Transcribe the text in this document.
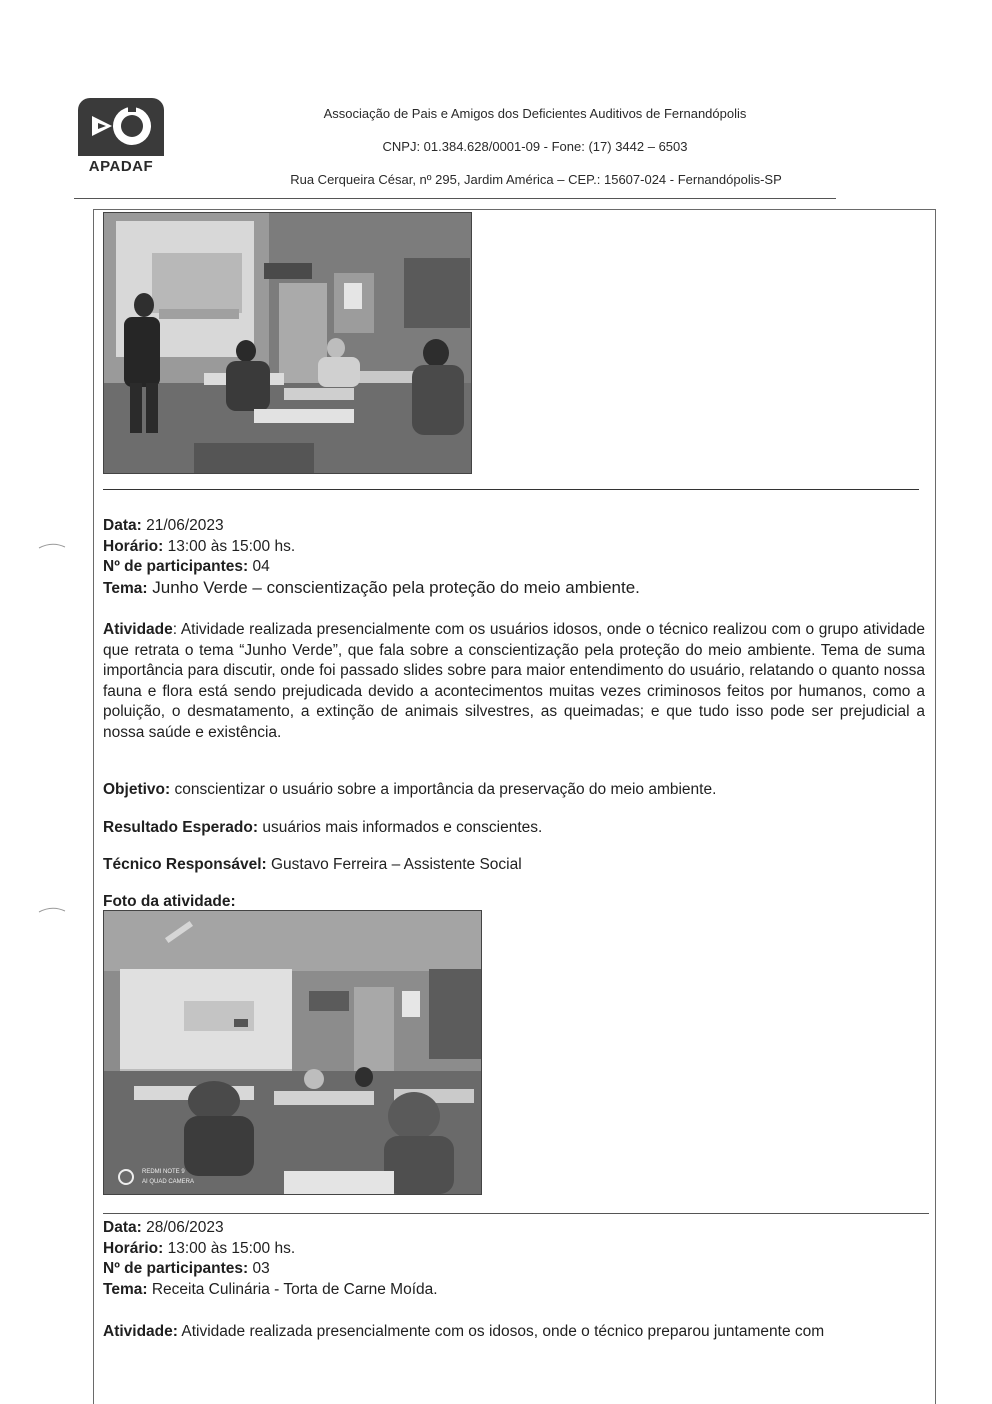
APADAF
Associação de Pais e Amigos dos Deficientes Auditivos de Fernandópolis
CNPJ: 01.384.628/0001-09 - Fone: (17) 3442 – 6503
Rua Cerqueira César, nº 295, Jardim América – CEP.: 15607-024 - Fernandópolis-SP
Data: 21/06/2023
Horário: 13:00 às 15:00 hs.
Nº de participantes: 04
Tema: Junho Verde – conscientização pela proteção do meio ambiente.
Atividade: Atividade realizada presencialmente com os usuários idosos, onde o técnico realizou com o grupo atividade que retrata o tema “Junho Verde”, que fala sobre a conscientização pela proteção do meio ambiente. Tema de suma importância para discutir, onde foi passado slides sobre para maior entendimento do usuário, relatando o quanto nossa fauna e flora está sendo prejudicada devido a acontecimentos muitas vezes criminosos feitos por humanos, como a poluição, o desmatamento, a extinção de animais silvestres, as queimadas; e que tudo isso pode ser prejudicial a nossa saúde e existência.
Objetivo: conscientizar o usuário sobre a importância da preservação do meio ambiente.
Resultado Esperado: usuários mais informados e conscientes.
Técnico Responsável: Gustavo Ferreira – Assistente Social
Foto da atividade:
REDMI NOTE 9
AI QUAD CAMERA
Data: 28/06/2023
Horário: 13:00 às 15:00 hs.
Nº de participantes: 03
Tema: Receita Culinária - Torta de Carne Moída.
Atividade: Atividade realizada presencialmente com os idosos, onde o técnico preparou juntamente com
